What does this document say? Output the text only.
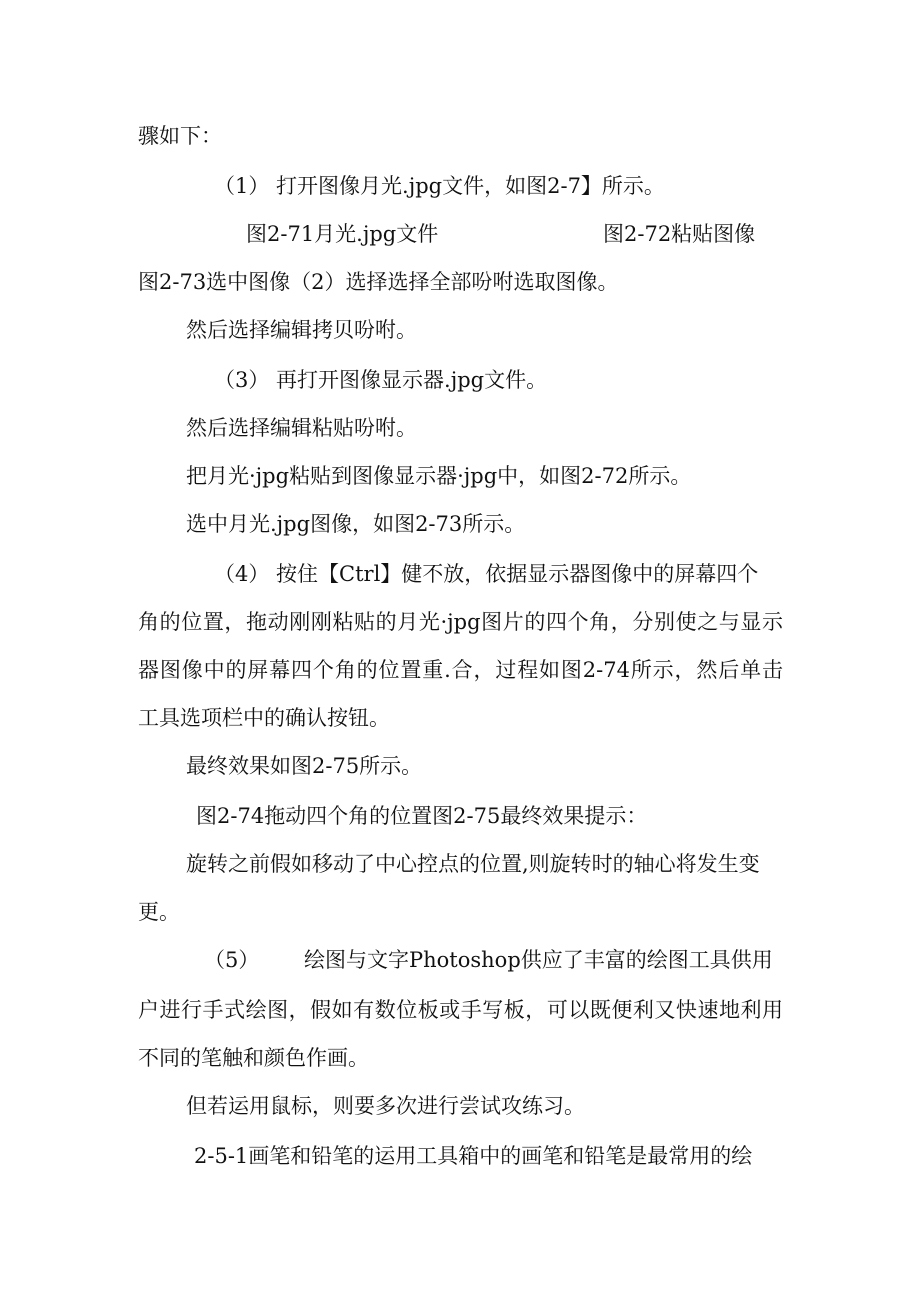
骤如下：

（1） 打开图像月光.jpg文件，如图2-7】所示。

图2-71月光.jpg文件	图2-72粘贴图像

图2-73选中图像（2）选择选择全部吩咐选取图像。

然后选择编辑拷贝吩咐。

（3） 再打开图像显示器.jpg文件。

然后选择编辑粘贴吩咐。

把月光·jpg粘贴到图像显示器·jpg中，如图2-72所示。

选中月光.jpg图像，如图2-73所示。

（4） 按住【Ctrl】健不放，依据显示器图像中的屏幕四个

角的位置，拖动刚刚粘贴的月光·jpg图片的四个角，分别使之与显示

器图像中的屏幕四个角的位置重.合，过程如图2-74所示，然后单击

工具选项栏中的确认按钮。

最终效果如图2-75所示。

图2-74拖动四个角的位置图2-75最终效果提示：

旋转之前假如移动了中心控点的位置,则旋转时的轴心将发生变

更。

（5） 绘图与文字Photoshop供应了丰富的绘图工具供用

户进行手式绘图，假如有数位板或手写板，可以既便利又快速地利用

不同的笔触和颜色作画。

但若运用鼠标，则要多次进行尝试攻练习。

2-5-1画笔和铅笔的运用工具箱中的画笔和铅笔是最常用的绘
